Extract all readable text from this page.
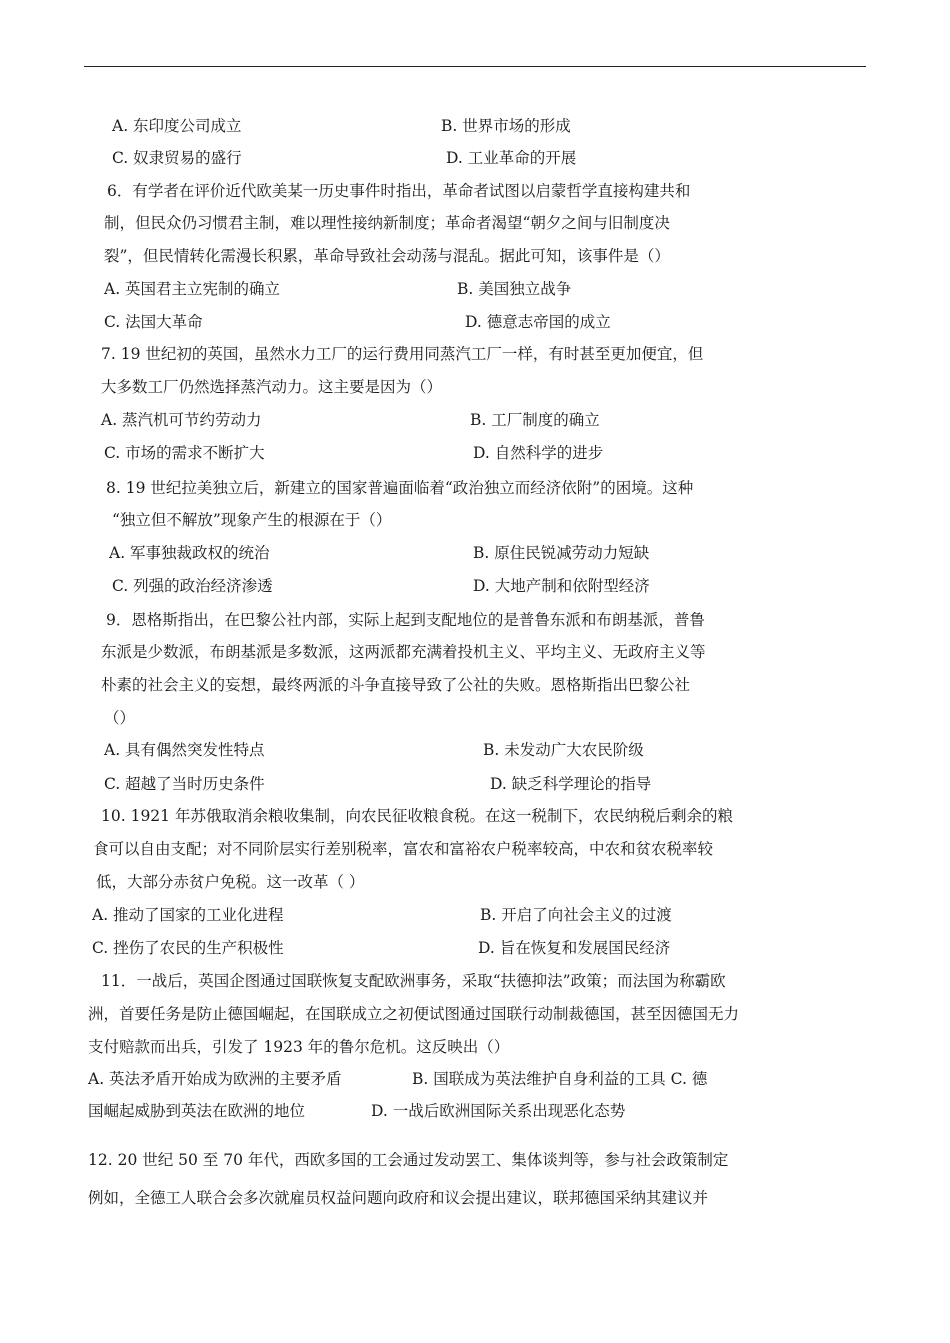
A. 东印度公司成立	B. 世界市场的形成
C. 奴隶贸易的盛行	D. 工业革命的开展
6．有学者在评价近代欧美某一历史事件时指出，革命者试图以启蒙哲学直接构建共和
制，但民众仍习惯君主制，难以理性接纳新制度；革命者渴望“朝夕之间与旧制度决
裂”，但民情转化需漫长积累，革命导致社会动荡与混乱。据此可知，该事件是（）
A. 英国君主立宪制的确立	B. 美国独立战争
C. 法国大革命	D. 德意志帝国的成立
7. 19 世纪初的英国，虽然水力工厂的运行费用同蒸汽工厂一样，有时甚至更加便宜，但
大多数工厂仍然选择蒸汽动力。这主要是因为（）
A. 蒸汽机可节约劳动力	B. 工厂制度的确立
C. 市场的需求不断扩大	D. 自然科学的进步
8. 19 世纪拉美独立后，新建立的国家普遍面临着“政治独立而经济依附”的困境。这种
“独立但不解放”现象产生的根源在于（）
A. 军事独裁政权的统治	B. 原住民锐减劳动力短缺
C. 列强的政治经济渗透	D. 大地产制和依附型经济
9．恩格斯指出，在巴黎公社内部，实际上起到支配地位的是普鲁东派和布朗基派，普鲁
东派是少数派，布朗基派是多数派，这两派都充满着投机主义、平均主义、无政府主义等
朴素的社会主义的妄想，最终两派的斗争直接导致了公社的失败。恩格斯指出巴黎公社
（）
A. 具有偶然突发性特点	B. 未发动广大农民阶级
C. 超越了当时历史条件	D. 缺乏科学理论的指导
10. 1921 年苏俄取消余粮收集制，向农民征收粮食税。在这一税制下，农民纳税后剩余的粮
食可以自由支配；对不同阶层实行差别税率，富农和富裕农户税率较高，中农和贫农税率较
低，大部分赤贫户免税。这一改革（ ）
A. 推动了国家的工业化进程	B. 开启了向社会主义的过渡
C. 挫伤了农民的生产积极性	D. 旨在恢复和发展国民经济
11．一战后，英国企图通过国联恢复支配欧洲事务，采取“扶德抑法”政策；而法国为称霸欧
洲，首要任务是防止德国崛起，在国联成立之初便试图通过国联行动制裁德国，甚至因德国无力
支付赔款而出兵，引发了 1923 年的鲁尔危机。这反映出（）
A. 英法矛盾开始成为欧洲的主要矛盾	B. 国联成为英法维护自身利益的工具 C. 德
国崛起威胁到英法在欧洲的地位	D. 一战后欧洲国际关系出现恶化态势
12. 20 世纪 50 至 70 年代，西欧多国的工会通过发动罢工、集体谈判等，参与社会政策制定
例如，全德工人联合会多次就雇员权益问题向政府和议会提出建议，联邦德国采纳其建议并
